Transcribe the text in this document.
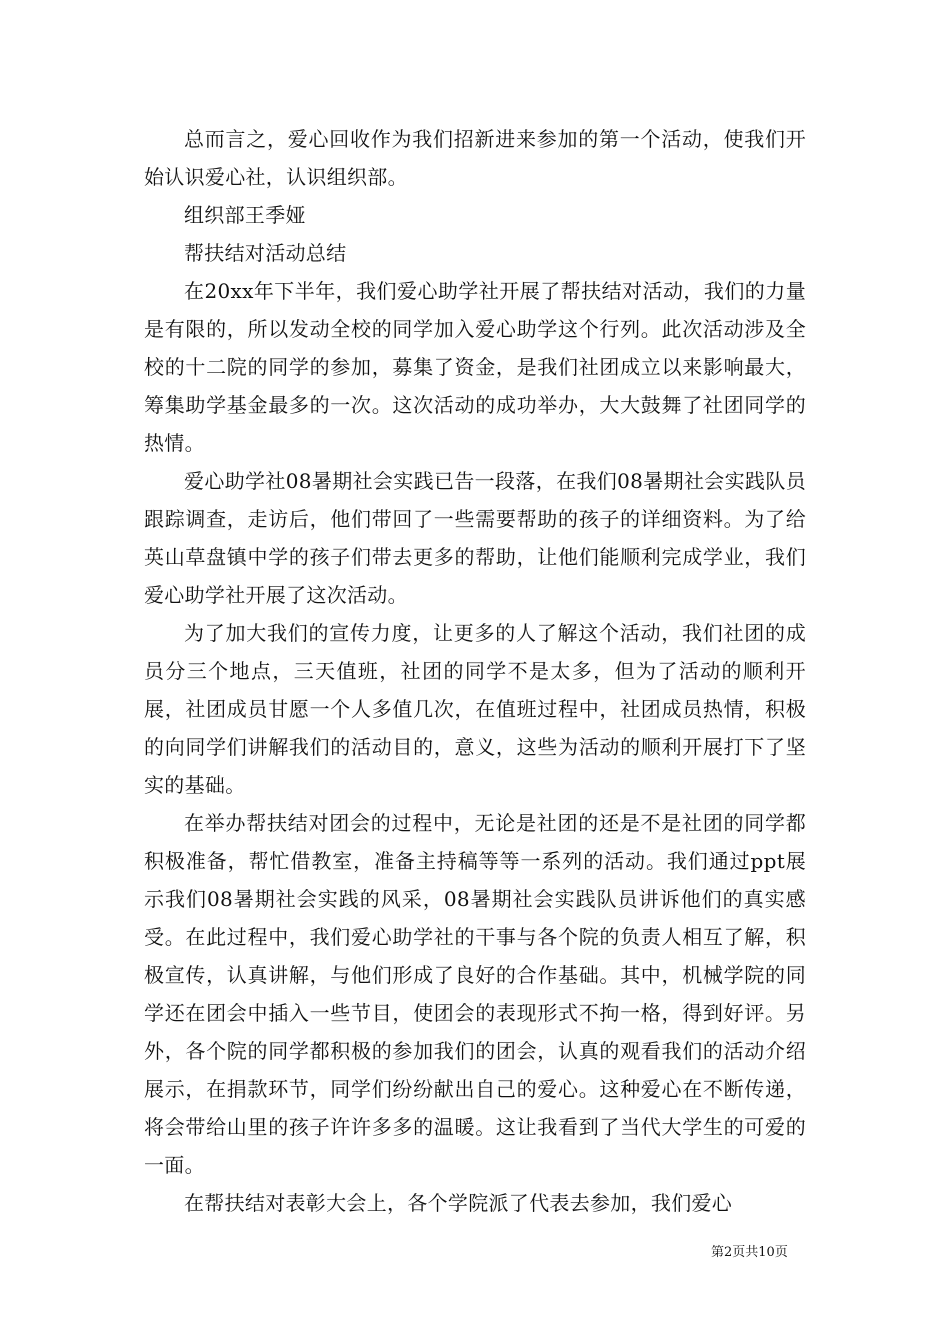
总而言之，爱心回收作为我们招新进来参加的第一个活动，使我们开始认识爱心社，认识组织部。

组织部王季娅

帮扶结对活动总结

在20xx年下半年，我们爱心助学社开展了帮扶结对活动，我们的力量是有限的，所以发动全校的同学加入爱心助学这个行列。此次活动涉及全校的十二院的同学的参加，募集了资金，是我们社团成立以来影响最大，筹集助学基金最多的一次。这次活动的成功举办，大大鼓舞了社团同学的热情。

爱心助学社08暑期社会实践已告一段落，在我们08暑期社会实践队员跟踪调查，走访后，他们带回了一些需要帮助的孩子的详细资料。为了给英山草盘镇中学的孩子们带去更多的帮助，让他们能顺利完成学业，我们爱心助学社开展了这次活动。

为了加大我们的宣传力度，让更多的人了解这个活动，我们社团的成员分三个地点，三天值班，社团的同学不是太多，但为了活动的顺利开展，社团成员甘愿一个人多值几次，在值班过程中，社团成员热情，积极的向同学们讲解我们的活动目的，意义，这些为活动的顺利开展打下了坚实的基础。

在举办帮扶结对团会的过程中，无论是社团的还是不是社团的同学都积极准备，帮忙借教室，准备主持稿等等一系列的活动。我们通过ppt展示我们08暑期社会实践的风采，08暑期社会实践队员讲诉他们的真实感受。在此过程中，我们爱心助学社的干事与各个院的负责人相互了解，积极宣传，认真讲解，与他们形成了良好的合作基础。其中，机械学院的同学还在团会中插入一些节目，使团会的表现形式不拘一格，得到好评。另外，各个院的同学都积极的参加我们的团会，认真的观看我们的活动介绍展示，在捐款环节，同学们纷纷献出自己的爱心。这种爱心在不断传递，将会带给山里的孩子许许多多的温暖。这让我看到了当代大学生的可爱的一面。

在帮扶结对表彰大会上，各个学院派了代表去参加，我们爱心

第2页共10页
